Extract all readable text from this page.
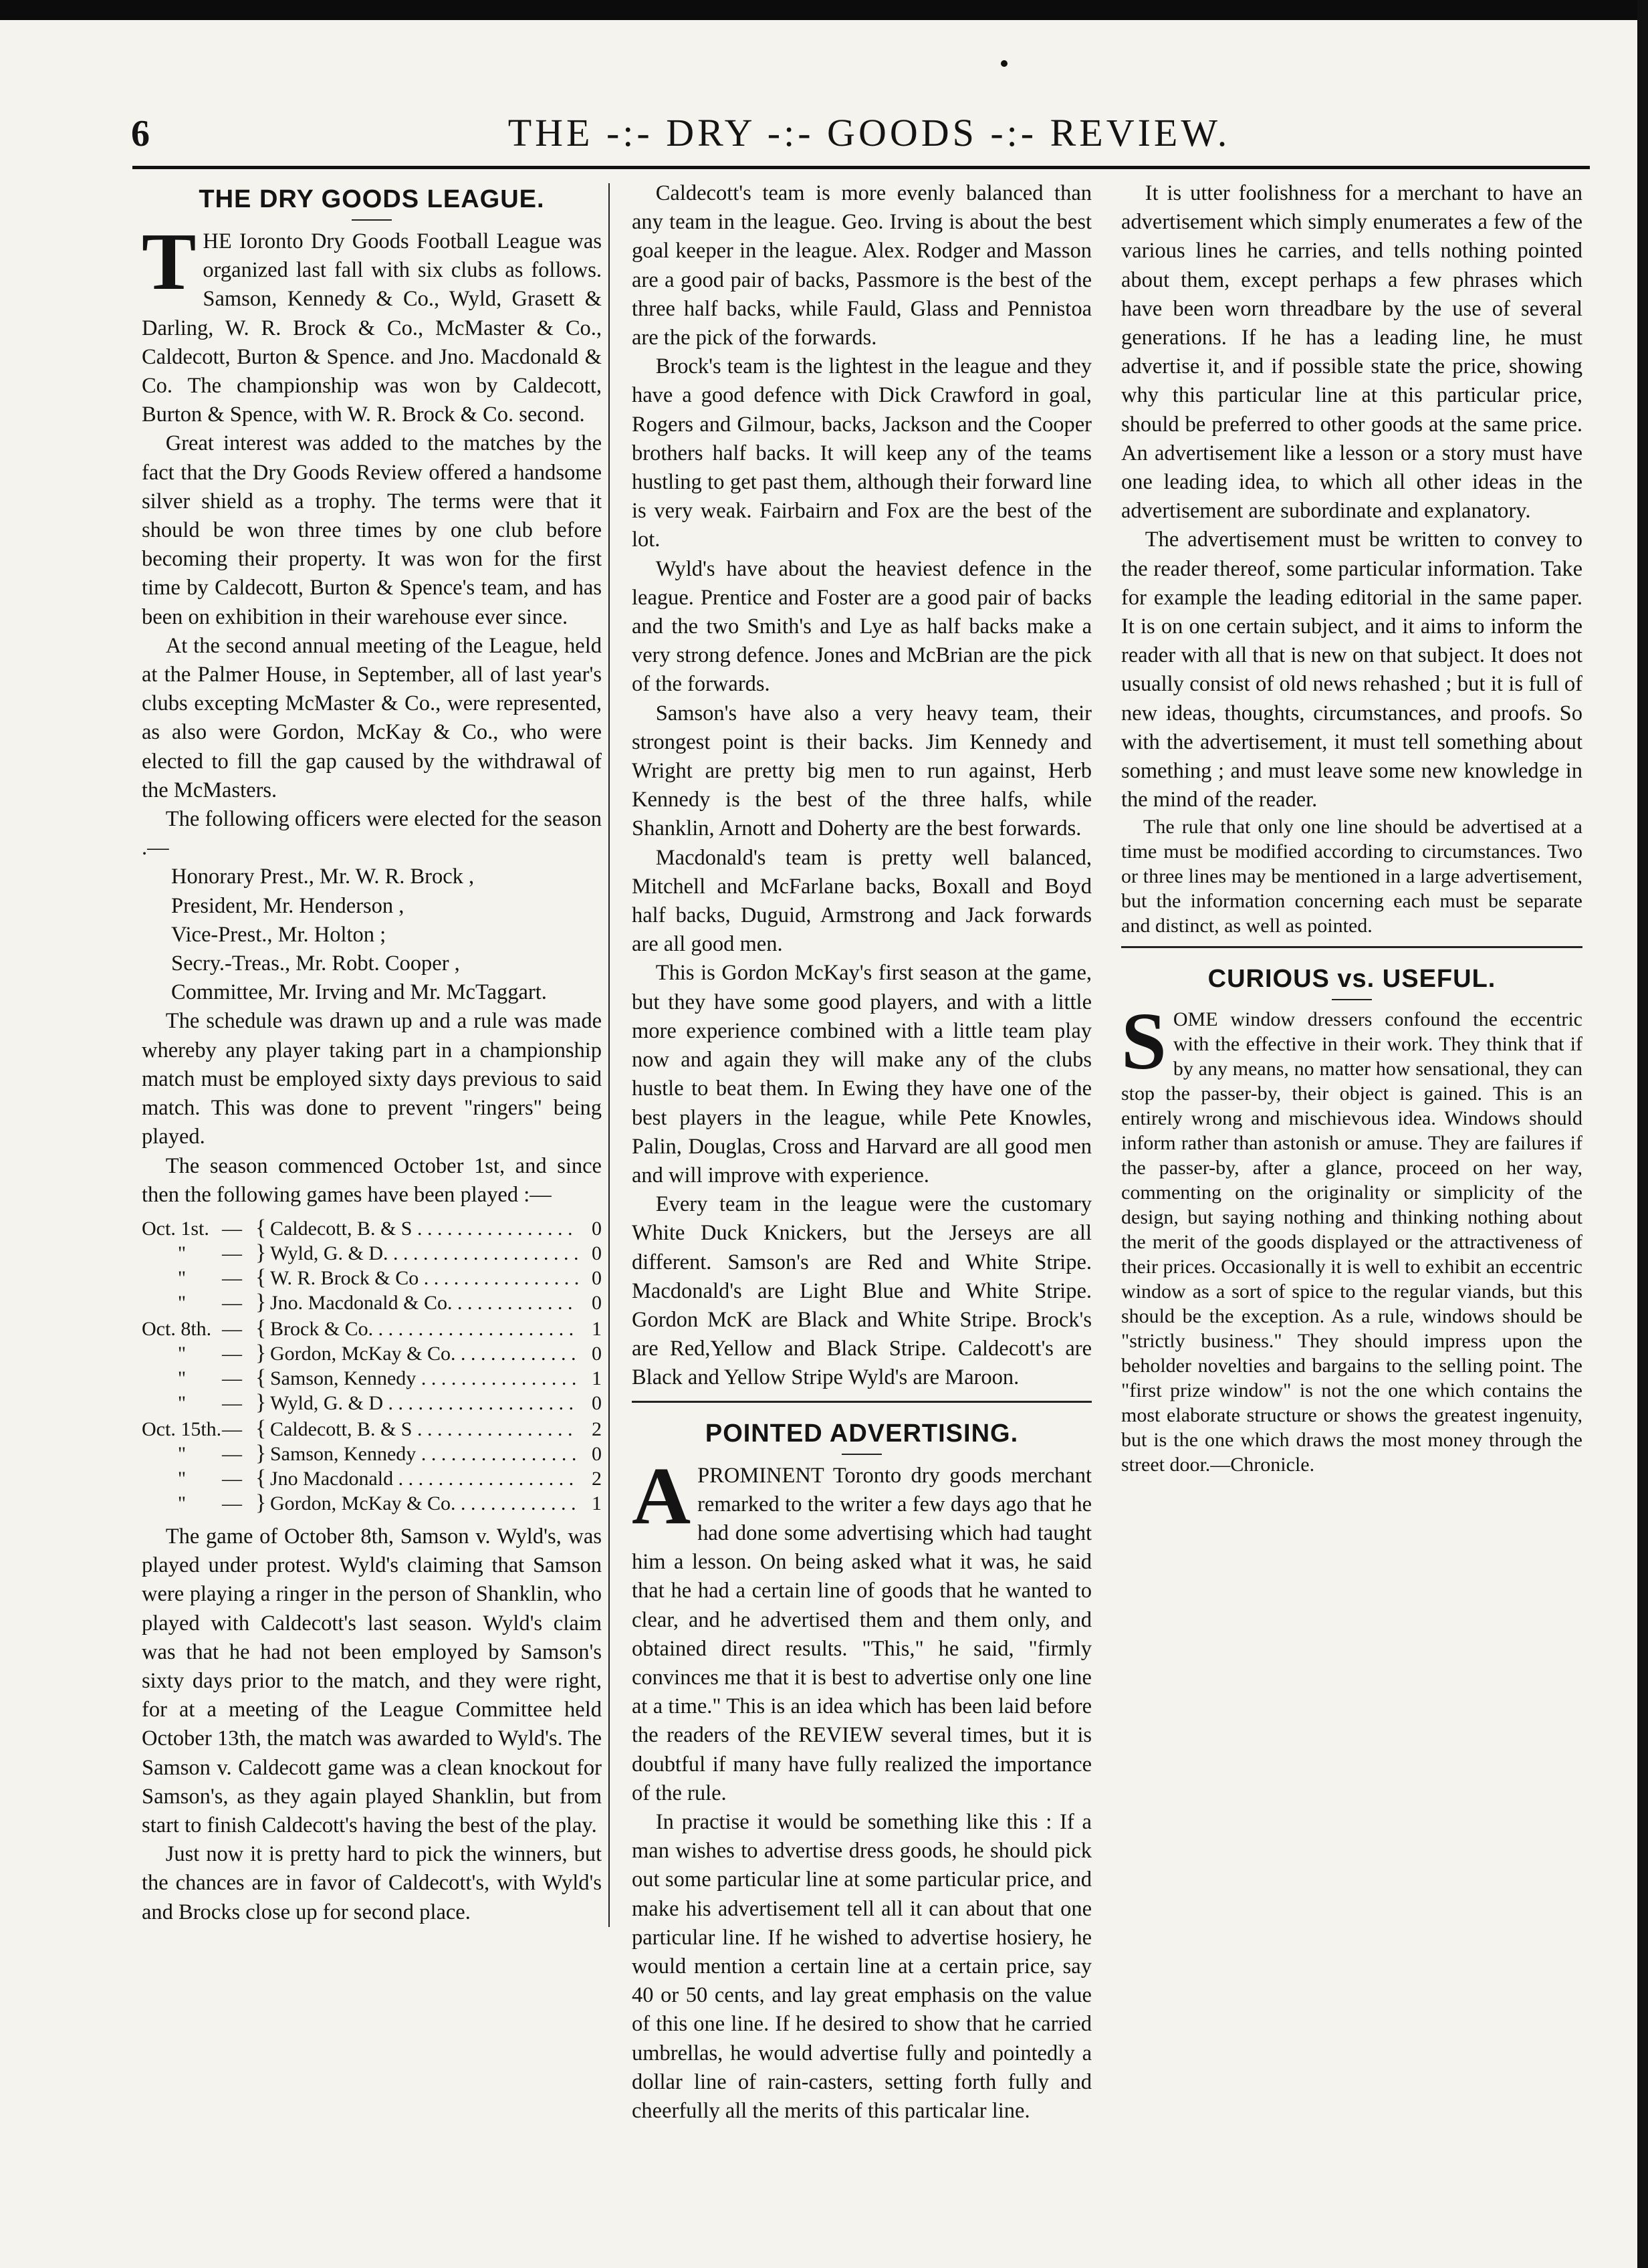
6	THE -:- DRY -:- GOODS -:- REVIEW.
THE DRY GOODS LEAGUE.

THE Ioronto Dry Goods Football League was organized last fall with six clubs as follows. Samson, Kennedy & Co., Wyld, Grasett & Darling, W. R. Brock & Co., McMaster & Co., Caldecott, Burton & Spence. and Jno. Macdonald & Co. The championship was won by Caldecott, Burton & Spence, with W. R. Brock & Co. second.

Great interest was added to the matches by the fact that the Dry Goods Review offered a handsome silver shield as a trophy. The terms were that it should be won three times by one club before becoming their property. It was won for the first time by Caldecott, Burton & Spence's team, and has been on exhibition in their warehouse ever since.

At the second annual meeting of the League, held at the Palmer House, in September, all of last year's clubs excepting McMaster & Co., were represented, as also were Gordon, McKay & Co., who were elected to fill the gap caused by the withdrawal of the McMasters.

The following officers were elected for the season .—

Honorary Prest., Mr. W. R. Brock ,

President, Mr. Henderson ,

Vice-Prest., Mr. Holton ;

Secry.-Treas., Mr. Robt. Cooper ,

Committee, Mr. Irving and Mr. McTaggart.

The schedule was drawn up and a rule was made whereby any player taking part in a championship match must be employed sixty days previous to said match. This was done to prevent "ringers" being played.

The season commenced October 1st, and since then the following games have been played :—

Oct. 1st. — { Caldecott, B. & S . . .	0
"	— } Wyld, G. & D. . . .	0
"	— { W. R. Brock & Co . . .	0
"	— } Jno. Macdonald & Co. . . .	0
Oct. 8th. — { Brock & Co. . . .	1
"	— } Gordon, McKay & Co. . . .	0
"	— { Samson, Kennedy . . .	1
"	— } Wyld, G. & D . . .	0
Oct. 15th. — { Caldecott, B. & S . . .	2
"	— } Samson, Kennedy . . .	0
"	— { Jno Macdonald . . .	2
"	— } Gordon, McKay & Co. . . .	1

The game of October 8th, Samson v. Wyld's, was played under protest. Wyld's claiming that Samson were playing a ringer in the person of Shanklin, who played with Caldecott's last season. Wyld's claim was that he had not been employed by Samson's sixty days prior to the match, and they were right, for at a meeting of the League Committee held October 13th, the match was awarded to Wyld's. The Samson v. Caldecott game was a clean knockout for Samson's, as they again played Shanklin, but from start to finish Caldecott's having the best of the play.

Just now it is pretty hard to pick the winners, but the chances are in favor of Caldecott's, with Wyld's and Brocks close up for second place.

Caldecott's team is more evenly balanced than any team in the league. Geo. Irving is about the best goal keeper in the league. Alex. Rodger and Masson are a good pair of backs, Passmore is the best of the three half backs, while Fauld, Glass and Pennistoa are the pick of the forwards.

Brock's team is the lightest in the league and they have a good defence with Dick Crawford in goal, Rogers and Gilmour, backs, Jackson and the Cooper brothers half backs. It will keep any of the teams hustling to get past them, although their forward line is very weak. Fairbairn and Fox are the best of the lot.

Wyld's have about the heaviest defence in the league. Prentice and Foster are a good pair of backs and the two Smith's and Lye as half backs make a very strong defence. Jones and McBrian are the pick of the forwards.

Samson's have also a very heavy team, their strongest point is their backs. Jim Kennedy and Wright are pretty big men to run against, Herb Kennedy is the best of the three halfs, while Shanklin, Arnott and Doherty are the best forwards.

Macdonald's team is pretty well balanced, Mitchell and McFarlane backs, Boxall and Boyd half backs, Duguid, Armstrong and Jack forwards are all good men.

This is Gordon McKay's first season at the game, but they have some good players, and with a little more experience combined with a little team play now and again they will make any of the clubs hustle to beat them. In Ewing they have one of the best players in the league, while Pete Knowles, Palin, Douglas, Cross and Harvard are all good men and will improve with experience.

Every team in the league were the customary White Duck Knickers, but the Jerseys are all different. Samson's are Red and White Stripe. Macdonald's are Light Blue and White Stripe. Gordon McK are Black and White Stripe. Brock's are Red,Yellow and Black Stripe. Caldecott's are Black and Yellow Stripe Wyld's are Maroon.

POINTED ADVERTISING.

APROMINENT Toronto dry goods merchant remarked to the writer a few days ago that he had done some advertising which had taught him a lesson. On being asked what it was, he said that he had a certain line of goods that he wanted to clear, and he advertised them and them only, and obtained direct results. "This," he said, "firmly convinces me that it is best to advertise only one line at a time." This is an idea which has been laid before the readers of the REVIEW several times, but it is doubtful if many have fully realized the importance of the rule.

In practise it would be something like this : If a man wishes to advertise dress goods, he should pick out some particular line at some particular price, and make his advertisement tell all it can about that one particular line. If he wished to advertise hosiery, he would mention a certain line at a certain price, say 40 or 50 cents, and lay great emphasis on the value of this one line. If he desired to show that he carried umbrellas, he would advertise fully and pointedly a dollar line of rain-casters, setting forth fully and cheerfully all the merits of this particalar line.

It is utter foolishness for a merchant to have an advertisement which simply enumerates a few of the various lines he carries, and tells nothing pointed about them, except perhaps a few phrases which have been worn threadbare by the use of several generations. If he has a leading line, he must advertise it, and if possible state the price, showing why this particular line at this particular price, should be preferred to other goods at the same price. An advertisement like a lesson or a story must have one leading idea, to which all other ideas in the advertisement are subordinate and explanatory.

The advertisement must be written to convey to the reader thereof, some particular information. Take for example the leading editorial in the same paper. It is on one certain subject, and it aims to inform the reader with all that is new on that subject. It does not usually consist of old news rehashed ; but it is full of new ideas, thoughts, circumstances, and proofs. So with the advertisement, it must tell something about something ; and must leave some new knowledge in the mind of the reader.

The rule that only one line should be advertised at a time must be modified according to circumstances. Two or three lines may be mentioned in a large advertisement, but the information concerning each must be separate and distinct, as well as pointed.

CURIOUS vs. USEFUL.

SOME window dressers confound the eccentric with the effective in their work. They think that if by any means, no matter how sensational, they can stop the passer-by, their object is gained. This is an entirely wrong and mischievous idea. Windows should inform rather than astonish or amuse. They are failures if the passer-by, after a glance, proceed on her way, commenting on the originality or simplicity of the design, but saying nothing and thinking nothing about the merit of the goods displayed or the attractiveness of their prices. Occasionally it is well to exhibit an eccentric window as a sort of spice to the regular viands, but this should be the exception. As a rule, windows should be "strictly business." They should impress upon the beholder novelties and bargains to the selling point. The "first prize window" is not the one which contains the most elaborate structure or shows the greatest ingenuity, but is the one which draws the most money through the street door.—Chronicle.
